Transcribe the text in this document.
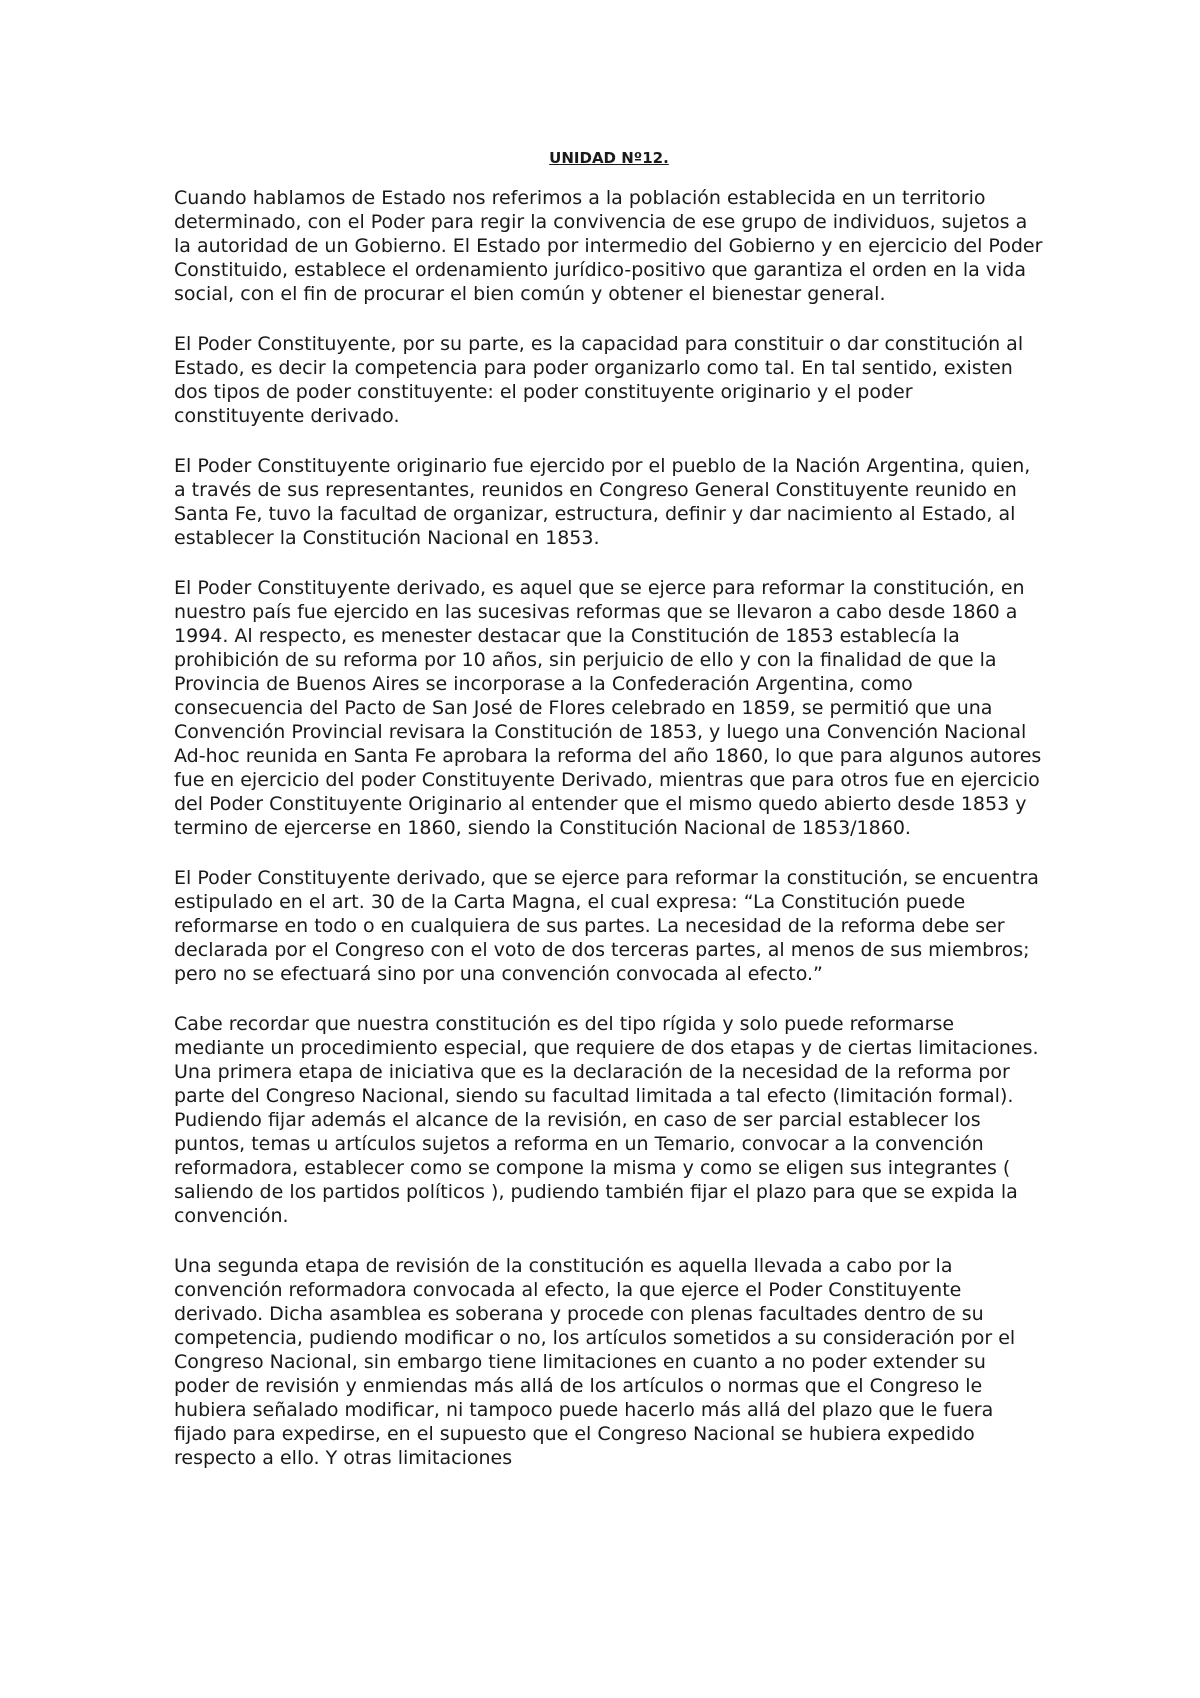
UNIDAD Nº12.

Cuando hablamos de Estado nos referimos a la población establecida en un territorio determinado, con el Poder para regir la convivencia de ese grupo de individuos, sujetos a la autoridad de un Gobierno. El Estado por intermedio del Gobierno y en ejercicio del Poder Constituido, establece el ordenamiento jurídico-positivo que garantiza el orden en la vida social, con el fin de procurar el bien común y obtener el bienestar general.

El Poder Constituyente, por su parte, es la capacidad para constituir o dar constitución al Estado, es decir la competencia para poder organizarlo como tal. En tal sentido, existen dos tipos de poder constituyente: el poder constituyente originario y el poder constituyente derivado.

El Poder Constituyente originario fue ejercido por el pueblo de la Nación Argentina, quien, a través de sus representantes, reunidos en Congreso General Constituyente reunido en Santa Fe, tuvo la facultad de organizar, estructura, definir y dar nacimiento al Estado, al establecer la Constitución Nacional en 1853.

El Poder Constituyente derivado, es aquel que se ejerce para reformar la constitución, en nuestro país fue ejercido en las sucesivas reformas que se llevaron a cabo desde 1860 a 1994. Al respecto, es menester destacar que la Constitución de 1853 establecía la prohibición de su reforma por 10 años, sin perjuicio de ello y con la finalidad de que la Provincia de Buenos Aires se incorporase a la Confederación Argentina, como consecuencia del Pacto de San José de Flores celebrado en 1859, se permitió que una Convención Provincial revisara la Constitución de 1853, y luego una Convención Nacional Ad-hoc reunida en Santa Fe aprobara la reforma del año 1860, lo que para algunos autores fue en ejercicio del poder Constituyente Derivado, mientras que para otros fue en ejercicio del Poder Constituyente Originario al entender que el mismo quedo abierto desde 1853 y termino de ejercerse en 1860, siendo la Constitución Nacional de 1853/1860.

El Poder Constituyente derivado, que se ejerce para reformar la constitución, se encuentra estipulado en el art. 30 de la Carta Magna, el cual expresa: “La Constitución puede reformarse en todo o en cualquiera de sus partes. La necesidad de la reforma debe ser declarada por el Congreso con el voto de dos terceras partes, al menos de sus miembros; pero no se efectuará sino por una convención convocada al efecto.”

Cabe recordar que nuestra constitución es del tipo rígida y solo puede reformarse mediante un procedimiento especial, que requiere de dos etapas y de ciertas limitaciones. Una primera etapa de iniciativa que es la declaración de la necesidad de la reforma por parte del Congreso Nacional, siendo su facultad limitada a tal efecto (limitación formal). Pudiendo fijar además el alcance de la revisión, en caso de ser parcial establecer los puntos, temas u artículos sujetos a reforma en un Temario, convocar a la convención reformadora, establecer como se compone la misma y como se eligen sus integrantes ( saliendo de los partidos políticos ), pudiendo también fijar el plazo para que se expida la convención.

Una segunda etapa de revisión de la constitución es aquella llevada a cabo por la convención reformadora convocada al efecto, la que ejerce el Poder Constituyente derivado. Dicha asamblea es soberana y procede con plenas facultades dentro de su competencia, pudiendo modificar o no, los artículos sometidos a su consideración por el Congreso Nacional, sin embargo tiene limitaciones en cuanto a no poder extender su poder de revisión y enmiendas más allá de los artículos o normas que el Congreso le hubiera señalado modificar, ni tampoco puede hacerlo más allá del plazo que le fuera fijado para expedirse, en el supuesto que el Congreso Nacional se hubiera expedido respecto a ello. Y otras limitaciones
